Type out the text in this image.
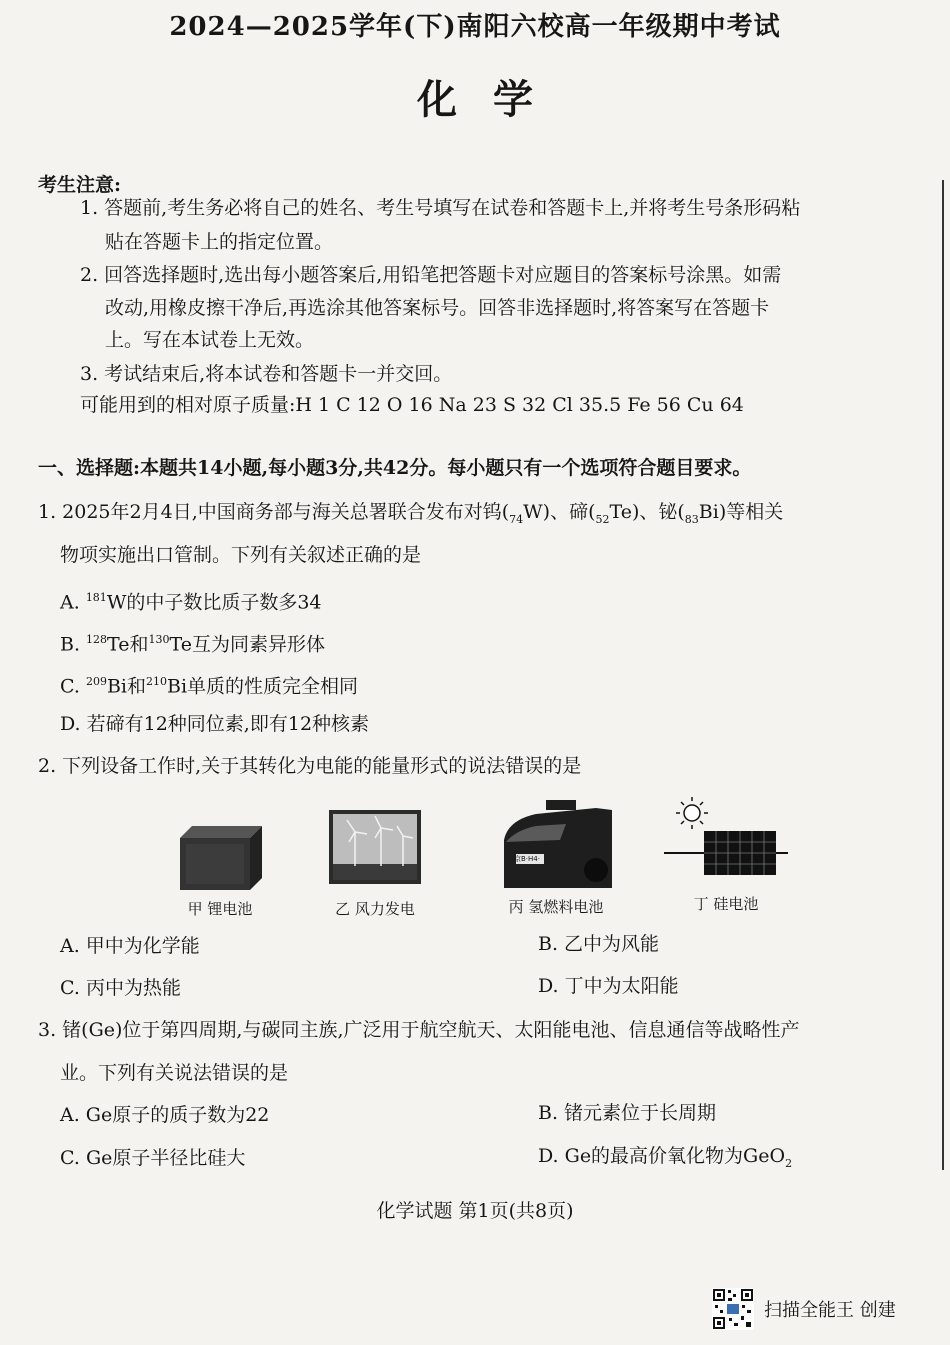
2024—2025学年(下)南阳六校高一年级期中考试
化学
考生注意:
1. 答题前,考生务必将自己的姓名、考生号填写在试卷和答题卡上,并将考生号条形码粘
贴在答题卡上的指定位置。
2. 回答选择题时,选出每小题答案后,用铅笔把答题卡对应题目的答案标号涂黑。如需
改动,用橡皮擦干净后,再选涂其他答案标号。回答非选择题时,将答案写在答题卡
上。写在本试卷上无效。
3. 考试结束后,将本试卷和答题卡一并交回。
可能用到的相对原子质量:H 1 C 12 O 16 Na 23 S 32 Cl 35.5 Fe 56 Cu 64
一、选择题:本题共14小题,每小题3分,共42分。每小题只有一个选项符合题目要求。
1. 2025年2月4日,中国商务部与海关总署联合发布对钨$(_{74}W)$、碲$(_{52}Te)$、铋$(_{83}Bi)$等相关
物项实施出口管制。下列有关叙述正确的是
A. $^{181}$W的中子数比质子数多34
B. $^{128}$Te和$^{130}$Te互为同素异形体
C. $^{209}$Bi和$^{210}$Bi单质的性质完全相同
D. 若碲有12种同位素,即有12种核素
2. 下列设备工作时,关于其转化为电能的能量形式的说法错误的是
甲 锂电池	乙 风力发电
京B·H4·
丙 氢燃料电池	丁 硅电池
A. 甲中为化学能	B. 乙中为风能
C. 丙中为热能	D. 丁中为太阳能
3. 锗(Ge)位于第四周期,与碳同主族,广泛用于航空航天、太阳能电池、信息通信等战略性产
业。下列有关说法错误的是
A. Ge原子的质子数为22	B. 锗元素位于长周期
C. Ge原子半径比硅大	D. Ge的最高价氧化物为GeO$_2$
化学试题 第1页(共8页)
扫描全能王 创建
